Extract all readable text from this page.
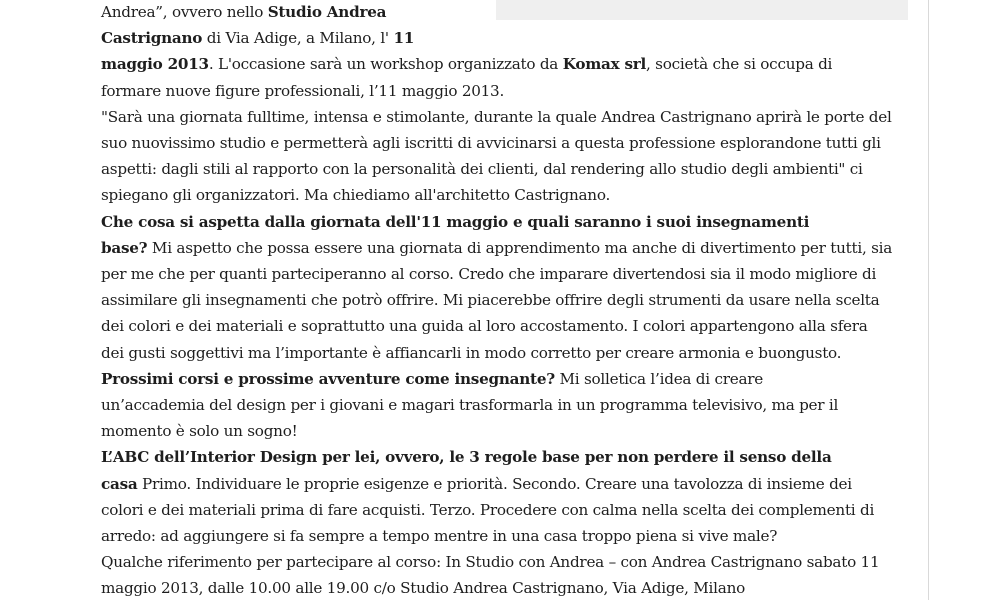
Andrea”, ovvero nello Studio Andrea
Castrignano di Via Adige, a Milano, l' 11
maggio 2013. L'occasione sarà un workshop organizzato da Komax srl, società che si occupa di
formare nuove figure professionali, l’11 maggio 2013.
"Sarà una giornata fulltime, intensa e stimolante, durante la quale Andrea Castrignano aprirà le porte del
suo nuovissimo studio e permetterà agli iscritti di avvicinarsi a questa professione esplorandone tutti gli
aspetti: dagli stili al rapporto con la personalità dei clienti, dal rendering allo studio degli ambienti" ci
spiegano gli organizzatori. Ma chiediamo all'architetto Castrignano.
Che cosa si aspetta dalla giornata dell'11 maggio e quali saranno i suoi insegnamenti
base? Mi aspetto che possa essere una giornata di apprendimento ma anche di divertimento per tutti, sia
per me che per quanti parteciperanno al corso. Credo che imparare divertendosi sia il modo migliore di
assimilare gli insegnamenti che potrò offrire. Mi piacerebbe offrire degli strumenti da usare nella scelta
dei colori e dei materiali e soprattutto una guida al loro accostamento. I colori appartengono alla sfera
dei gusti soggettivi ma l’importante è affiancarli in modo corretto per creare armonia e buongusto.
Prossimi corsi e prossime avventure come insegnante? Mi solletica l’idea di creare
un’accademia del design per i giovani e magari trasformarla in un programma televisivo, ma per il
momento è solo un sogno!
L’ABC dell’Interior Design per lei, ovvero, le 3 regole base per non perdere il senso della
casa Primo. Individuare le proprie esigenze e priorità. Secondo. Creare una tavolozza di insieme dei
colori e dei materiali prima di fare acquisti. Terzo. Procedere con calma nella scelta dei complementi di
arredo: ad aggiungere si fa sempre a tempo mentre in una casa troppo piena si vive male?
Qualche riferimento per partecipare al corso: In Studio con Andrea – con Andrea Castrignano sabato 11
maggio 2013, dalle 10.00 alle 19.00 c/o Studio Andrea Castrignano, Via Adige, Milano
